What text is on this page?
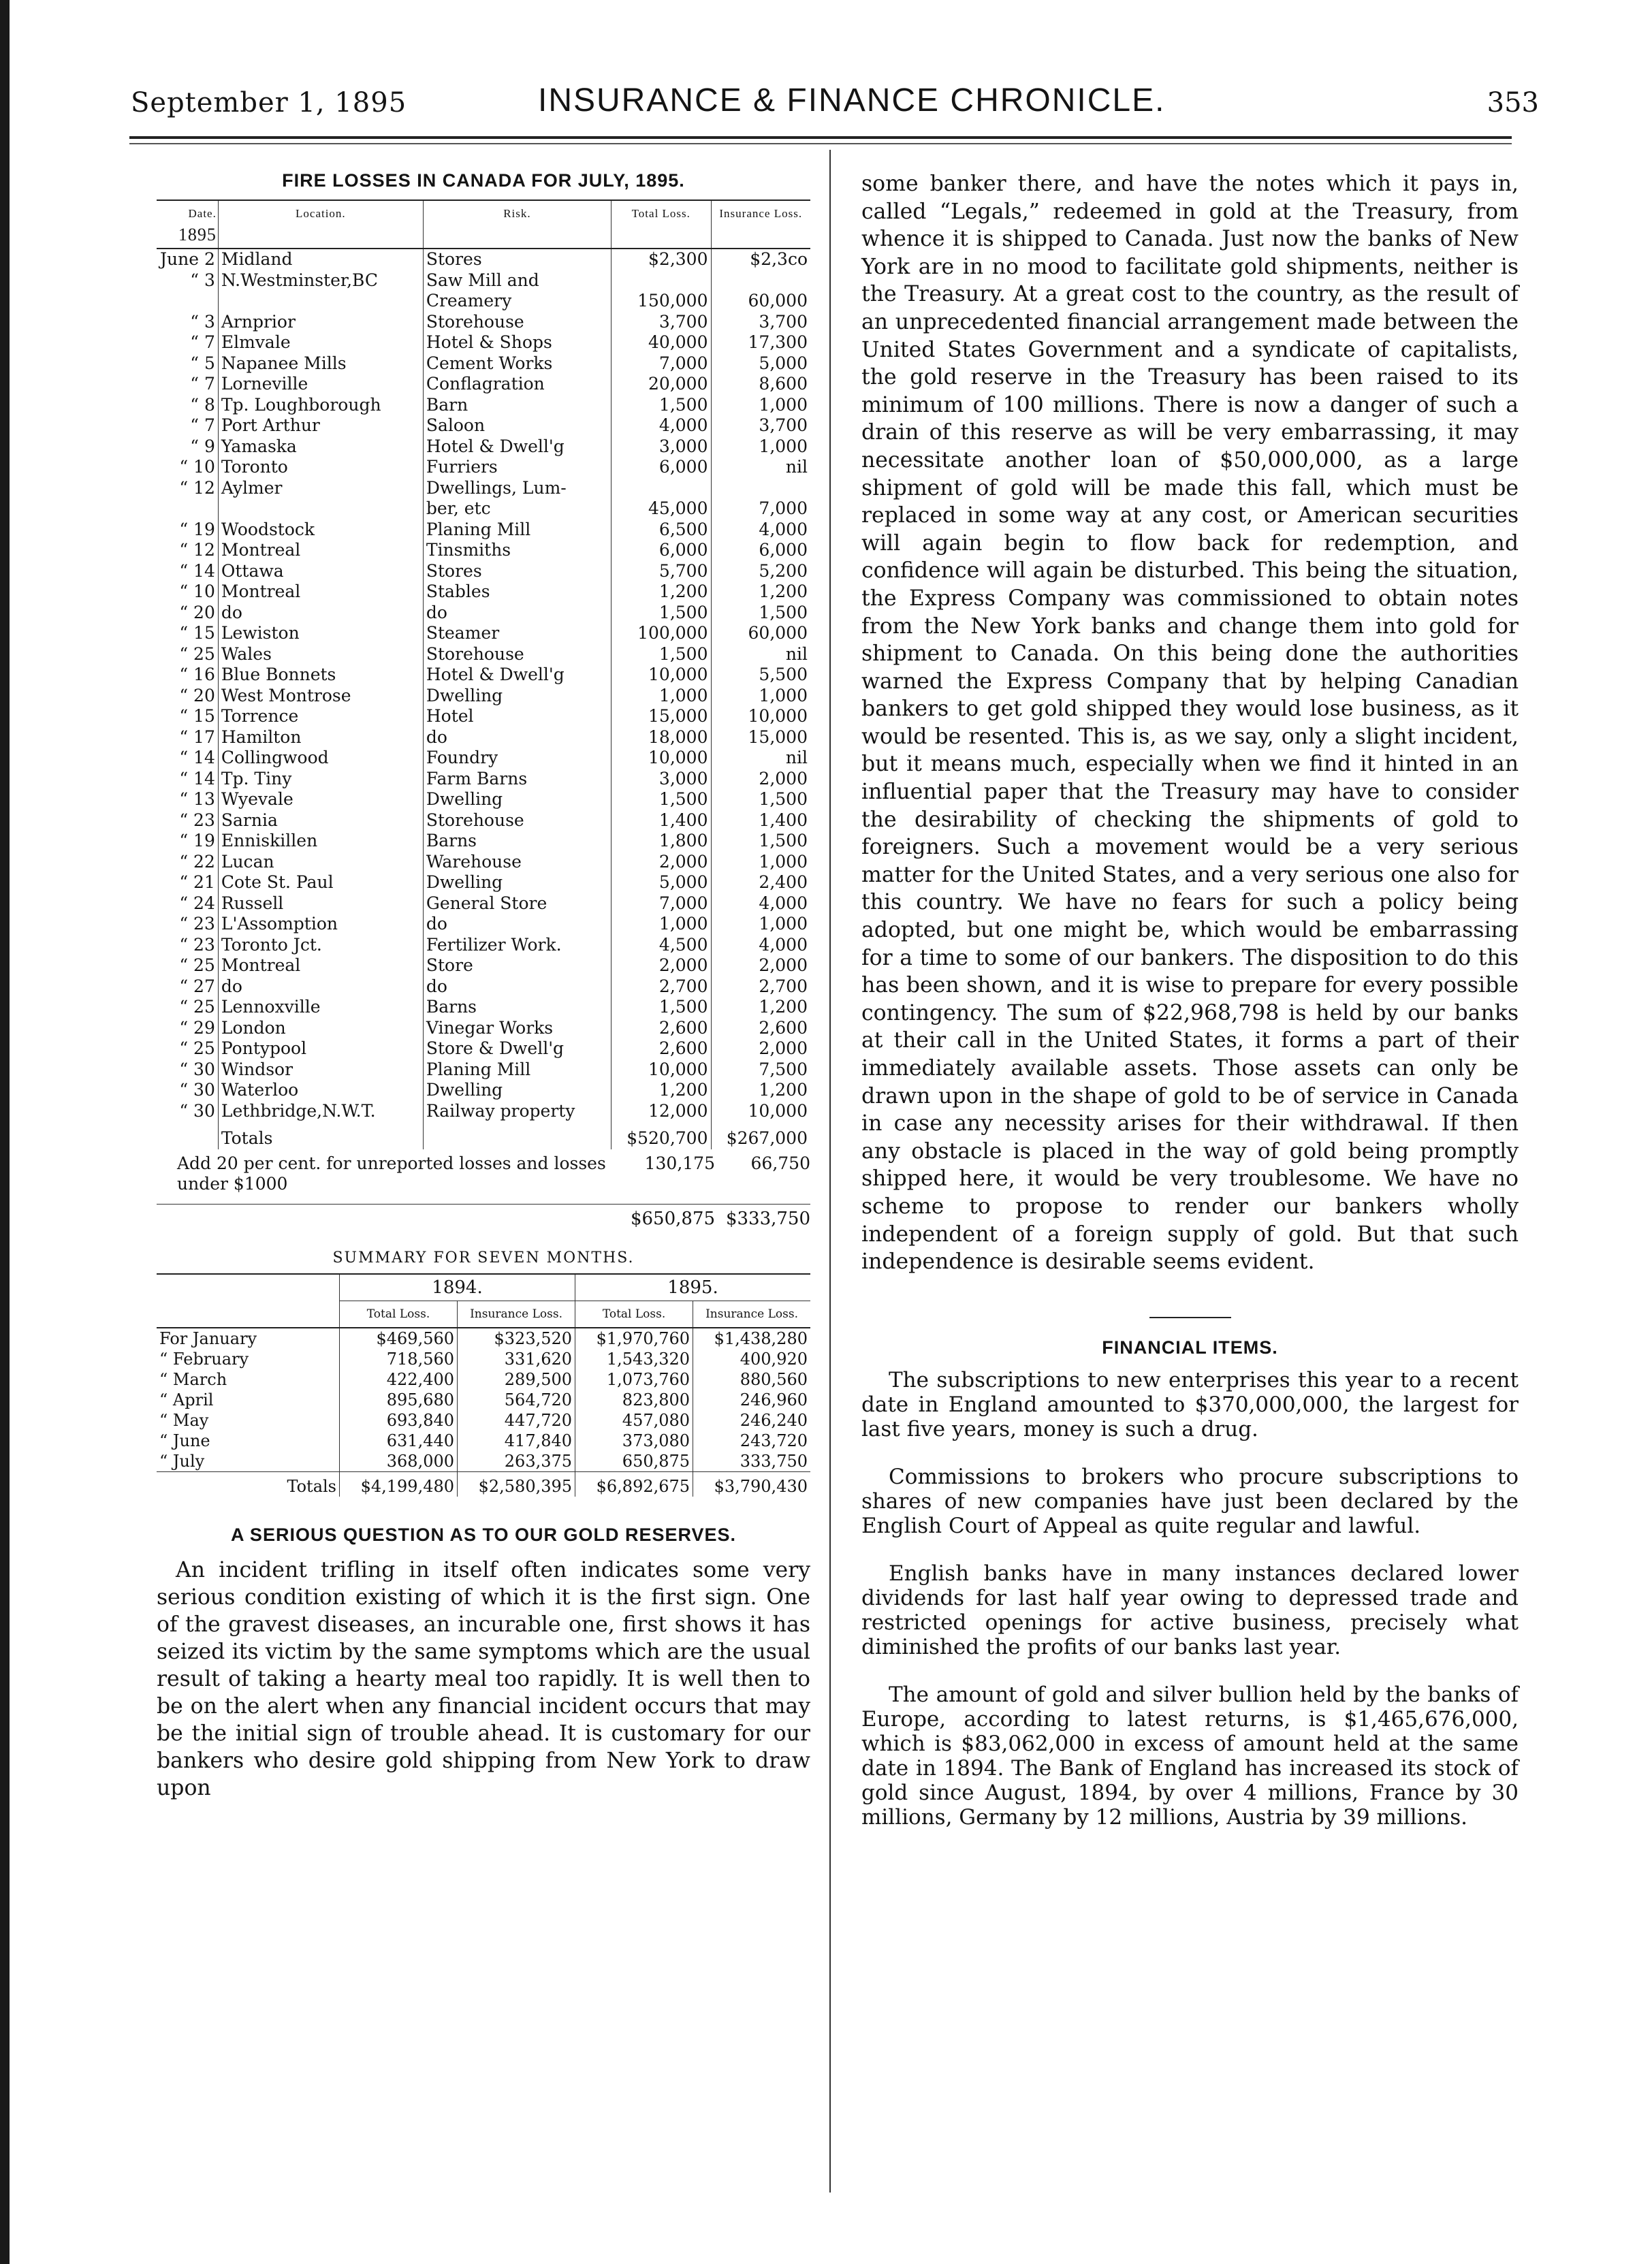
September 1, 1895	INSURANCE & FINANCE CHRONICLE.	353
FIRE LOSSES IN CANADA FOR JULY, 1895.
Date.
1895	Location.	Risk.	Total Loss.	Insurance Loss.
June 2	Midland	Stores	$2,300	$2,3co
“ 3	N.Westminster,BC	Saw Mill and		
		Creamery	150,000	60,000
“ 3	Arnprior	Storehouse	3,700	3,700
“ 7	Elmvale	Hotel & Shops	40,000	17,300
“ 5	Napanee Mills	Cement Works	7,000	5,000
“ 7	Lorneville	Conflagration	20,000	8,600
“ 8	Tp. Loughborough	Barn	1,500	1,000
“ 7	Port Arthur	Saloon	4,000	3,700
“ 9	Yamaska	Hotel & Dwell'g	3,000	1,000
“ 10	Toronto	Furriers	6,000	nil
“ 12	Aylmer	Dwellings, Lum-		
		ber, etc	45,000	7,000
“ 19	Woodstock	Planing Mill	6,500	4,000
“ 12	Montreal	Tinsmiths	6,000	6,000
“ 14	Ottawa	Stores	5,700	5,200
“ 10	Montreal	Stables	1,200	1,200
“ 20	do	do	1,500	1,500
“ 15	Lewiston	Steamer	100,000	60,000
“ 25	Wales	Storehouse	1,500	nil
“ 16	Blue Bonnets	Hotel & Dwell'g	10,000	5,500
“ 20	West Montrose	Dwelling	1,000	1,000
“ 15	Torrence	Hotel	15,000	10,000
“ 17	Hamilton	do	18,000	15,000
“ 14	Collingwood	Foundry	10,000	nil
“ 14	Tp. Tiny	Farm Barns	3,000	2,000
“ 13	Wyevale	Dwelling	1,500	1,500
“ 23	Sarnia	Storehouse	1,400	1,400
“ 19	Enniskillen	Barns	1,800	1,500
“ 22	Lucan	Warehouse	2,000	1,000
“ 21	Cote St. Paul	Dwelling	5,000	2,400
“ 24	Russell	General Store	7,000	4,000
“ 23	L'Assomption	do	1,000	1,000
“ 23	Toronto Jct.	Fertilizer Work.	4,500	4,000
“ 25	Montreal	Store	2,000	2,000
“ 27	do	do	2,700	2,700
“ 25	Lennoxville	Barns	1,500	1,200
“ 29	London	Vinegar Works	2,600	2,600
“ 25	Pontypool	Store & Dwell'g	2,600	2,000
“ 30	Windsor	Planing Mill	10,000	7,500
“ 30	Waterloo	Dwelling	1,200	1,200
“ 30	Lethbridge,N.W.T.	Railway property	12,000	10,000
	Totals		$520,700	$267,000
Add 20 per cent. for unreported losses and losses under $1000
130,175	66,750
$650,875 $333,750
SUMMARY FOR SEVEN MONTHS.
	1894.		1895.	
	Total Loss.	Insurance Loss.	Total Loss.	Insurance Loss.
For January	$469,560	$323,520	$1,970,760	$1,438,280
“ February	718,560	331,620	1,543,320	400,920
“ March	422,400	289,500	1,073,760	880,560
“ April	895,680	564,720	823,800	246,960
“ May	693,840	447,720	457,080	246,240
“ June	631,440	417,840	373,080	243,720
“ July	368,000	263,375	650,875	333,750
Totals	$4,199,480	$2,580,395	$6,892,675	$3,790,430
A SERIOUS QUESTION AS TO OUR GOLD RESERVES.

An incident trifling in itself often indicates some very serious condition existing of which it is the first sign. One of the gravest diseases, an incurable one, first shows it has seized its victim by the same symptoms which are the usual result of taking a hearty meal too rapidly. It is well then to be on the alert when any financial incident occurs that may be the initial sign of trouble ahead. It is customary for our bankers who desire gold shipping from New York to draw upon

some banker there, and have the notes which it pays in, called “Legals,” redeemed in gold at the Treasury, from whence it is shipped to Canada. Just now the banks of New York are in no mood to facilitate gold shipments, neither is the Treasury. At a great cost to the country, as the result of an unprecedented financial arrangement made between the United States Government and a syndicate of capitalists, the gold reserve in the Treasury has been raised to its minimum of 100 millions. There is now a danger of such a drain of this reserve as will be very embarrassing, it may necessitate another loan of $50,000,000, as a large shipment of gold will be made this fall, which must be replaced in some way at any cost, or American securities will again begin to flow back for redemption, and confidence will again be disturbed. This being the situation, the Express Company was commissioned to obtain notes from the New York banks and change them into gold for shipment to Canada. On this being done the authorities warned the Express Company that by helping Canadian bankers to get gold shipped they would lose business, as it would be resented. This is, as we say, only a slight incident, but it means much, especially when we find it hinted in an influential paper that the Treasury may have to consider the desirability of checking the shipments of gold to foreigners. Such a movement would be a very serious matter for the United States, and a very serious one also for this country. We have no fears for such a policy being adopted, but one might be, which would be embarrassing for a time to some of our bankers. The disposition to do this has been shown, and it is wise to prepare for every possible contingency. The sum of $22,968,798 is held by our banks at their call in the United States, it forms a part of their immediately available assets. Those assets can only be drawn upon in the shape of gold to be of service in Canada in case any necessity arises for their withdrawal. If then any obstacle is placed in the way of gold being promptly shipped here, it would be very troublesome. We have no scheme to propose to render our bankers wholly independent of a foreign supply of gold. But that such independence is desirable seems evident.

FINANCIAL ITEMS.

The subscriptions to new enterprises this year to a recent date in England amounted to $370,000,000, the largest for last five years, money is such a drug.

Commissions to brokers who procure subscriptions to shares of new companies have just been declared by the English Court of Appeal as quite regular and lawful.

English banks have in many instances declared lower dividends for last half year owing to depressed trade and restricted openings for active business, precisely what diminished the profits of our banks last year.

The amount of gold and silver bullion held by the banks of Europe, according to latest returns, is $1,465,676,000, which is $83,062,000 in excess of amount held at the same date in 1894. The Bank of England has increased its stock of gold since August, 1894, by over 4 millions, France by 30 millions, Germany by 12 millions, Austria by 39 millions.
